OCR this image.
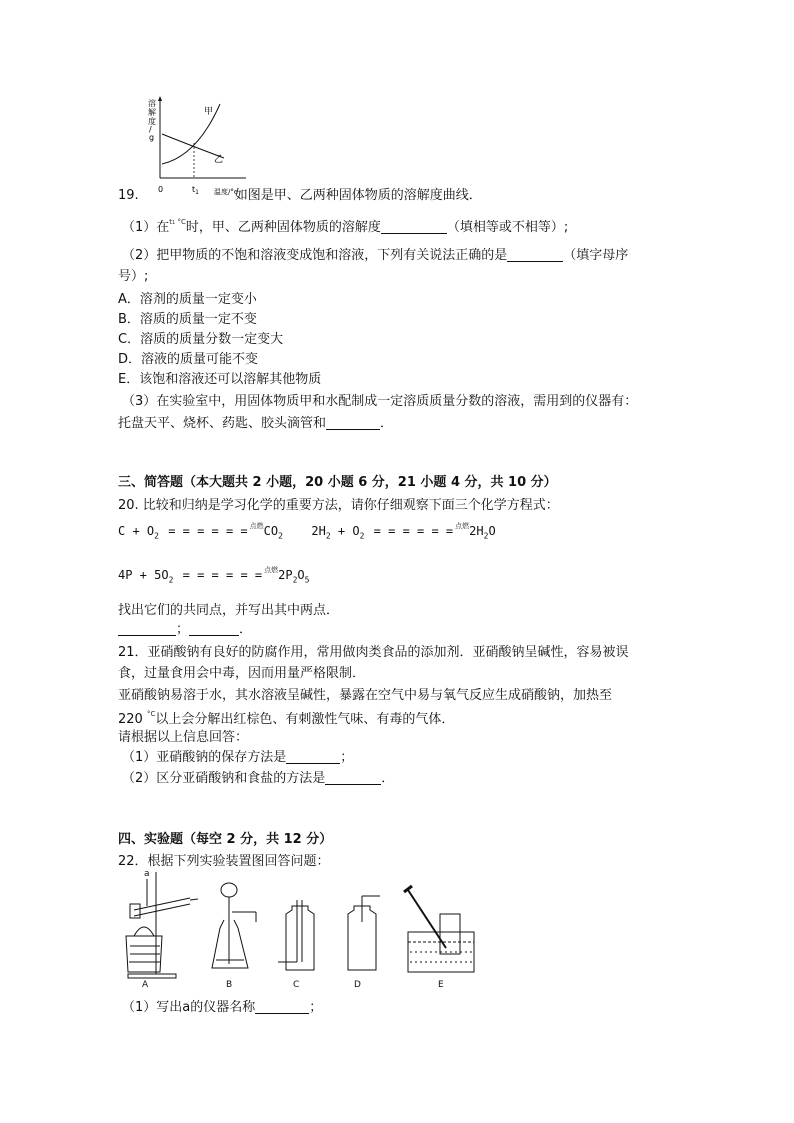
溶
解
度
/
g
甲
乙
0	$t_1$ 温度/°c
19.	如图是甲、乙两种固体物质的溶解度曲线．
（1）在$^{t1 ^\circ C}$时，甲、乙两种固体物质的溶解度	（填相等或不相等）;
（2）把甲物质的不饱和溶液变成饱和溶液，下列有关说法正确的是	（填字母序
号）;
A．溶剂的质量一定变小
B．溶质的质量一定不变
C．溶质的质量分数一定变大
D．溶液的质量可能不变
E．该饱和溶液还可以溶解其他物质
（3）在实验室中，用固体物质甲和水配制成一定溶质质量分数的溶液，需用到的仪器有：
托盘天平、烧杯、药匙、胶头滴管和	．
三、简答题（本大题共 2 小题，20 小题 6 分，21 小题 4 分，共 10 分）
20. 比较和归纳是学习化学的重要方法，请你仔细观察下面三个化学方程式：
$C + O_2$ = = = = = = $^{点燃}CO_2$ $2H_2 + O_2$ = = = = = = $^{点燃}2H_2O$
$4P + 5O_2$ = = = = = = $^{点燃}2P_2O_5$
找出它们的共同点，并写出其中两点．
；	．
21．亚硝酸钠有良好的防腐作用，常用做肉类食品的添加剂．亚硝酸钠呈碱性，容易被误
食，过量食用会中毒，因而用量严格限制．
亚硝酸钠易溶于水，其水溶液呈碱性，暴露在空气中易与氧气反应生成硝酸钠，加热至
220 $^{^\circ C}$以上会分解出红棕色、有刺激性气味、有毒的气体．
请根据以上信息回答：
（1）亚硝酸钠的保存方法是	；
（2）区分亚硝酸钠和食盐的方法是	．
四、实验题（每空 2 分，共 12 分）
22．根据下列实验装置图回答问题：
a
A	B	C	D	E
（1）写出a的仪器名称	；
